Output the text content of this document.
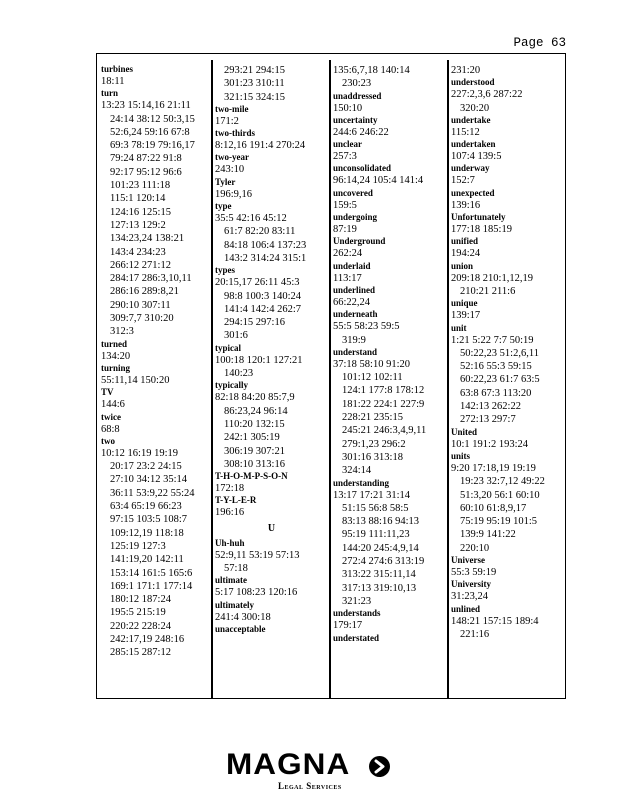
Page 63
turbines
18:11
turn
13:23 15:14,16 21:11
24:14 38:12 50:3,15
52:6,24 59:16 67:8
69:3 78:19 79:16,17
79:24 87:22 91:8
92:17 95:12 96:6
101:23 111:18
115:1 120:14
124:16 125:15
127:13 129:2
134:23,24 138:21
143:4 234:23
266:12 271:12
284:17 286:3,10,11
286:16 289:8,21
290:10 307:11
309:7,7 310:20
312:3
turned
134:20
turning
55:11,14 150:20
TV
144:6
twice
68:8
two
10:12 16:19 19:19
20:17 23:2 24:15
27:10 34:12 35:14
36:11 53:9,22 55:24
63:4 65:19 66:23
97:15 103:5 108:7
109:12,19 118:18
125:19 127:3
141:19,20 142:11
153:14 161:5 165:6
169:1 171:1 177:14
180:12 187:24
195:5 215:19
220:22 228:24
242:17,19 248:16
285:15 287:12
293:21 294:15
301:23 310:11
321:15 324:15
two-mile
171:2
two-thirds
8:12,16 191:4 270:24
two-year
243:10
Tyler
196:9,16
type
35:5 42:16 45:12
61:7 82:20 83:11
84:18 106:4 137:23
143:2 314:24 315:1
types
20:15,17 26:11 45:3
98:8 100:3 140:24
141:4 142:4 262:7
294:15 297:16
301:6
typical
100:18 120:1 127:21
140:23
typically
82:18 84:20 85:7,9
86:23,24 96:14
110:20 132:15
242:1 305:19
306:19 307:21
308:10 313:16
T-H-O-M-P-S-O-N
172:18
T-Y-L-E-R
196:16
U
Uh-huh
52:9,11 53:19 57:13
57:18
ultimate
5:17 108:23 120:16
ultimately
241:4 300:18
unacceptable
135:6,7,18 140:14
230:23
unaddressed
150:10
uncertainty
244:6 246:22
unclear
257:3
unconsolidated
96:14,24 105:4 141:4
uncovered
159:5
undergoing
87:19
Underground
262:24
underlaid
113:17
underlined
66:22,24
underneath
55:5 58:23 59:5
319:9
understand
37:18 58:10 91:20
101:12 102:11
124:1 177:8 178:12
181:22 224:1 227:9
228:21 235:15
245:21 246:3,4,9,11
279:1,23 296:2
301:16 313:18
324:14
understanding
13:17 17:21 31:14
51:15 56:8 58:5
83:13 88:16 94:13
95:19 111:11,23
144:20 245:4,9,14
272:4 274:6 313:19
313:22 315:11,14
317:13 319:10,13
321:23
understands
179:17
understated
231:20
understood
227:2,3,6 287:22
320:20
undertake
115:12
undertaken
107:4 139:5
underway
152:7
unexpected
139:16
Unfortunately
177:18 185:19
unified
194:24
union
209:18 210:1,12,19
210:21 211:6
unique
139:17
unit
1:21 5:22 7:7 50:19
50:22,23 51:2,6,11
52:16 55:3 59:15
60:22,23 61:7 63:5
63:8 67:3 113:20
142:13 262:22
272:13 297:7
United
10:1 191:2 193:24
units
9:20 17:18,19 19:19
19:23 32:7,12 49:22
51:3,20 56:1 60:10
60:10 61:8,9,17
75:19 95:19 101:5
139:9 141:22
220:10
Universe
55:3 59:19
University
31:23,24
unlined
148:21 157:15 189:4
221:16
MAGNA
Legal Services
